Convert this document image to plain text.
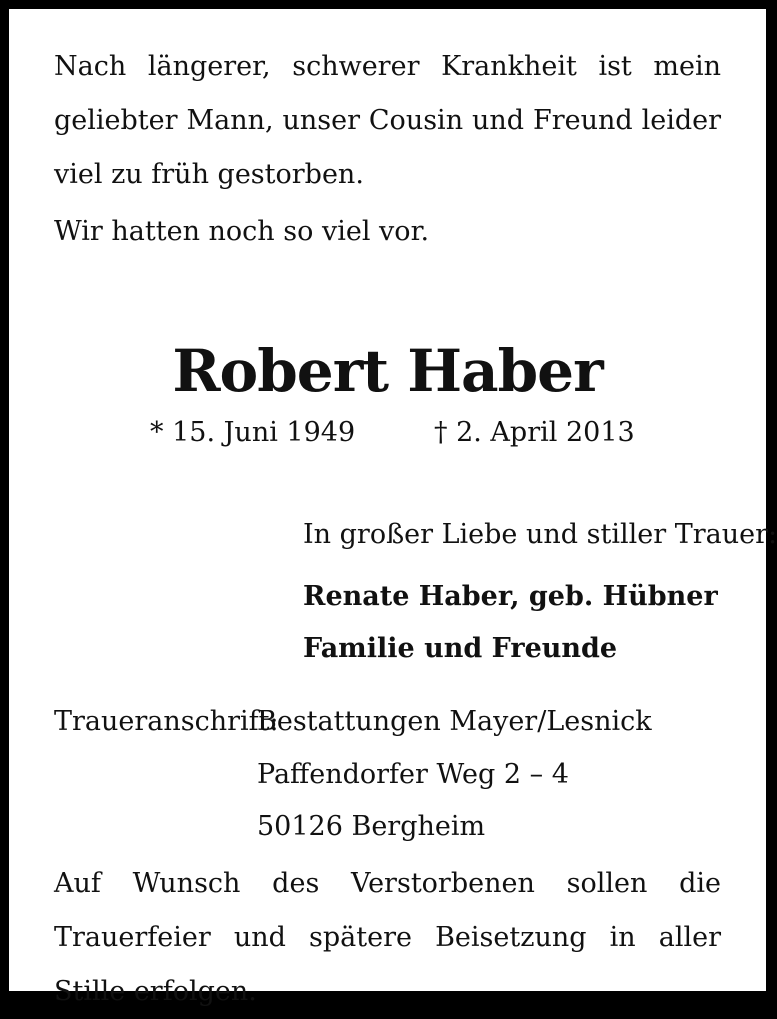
Nach längerer, schwerer Krankheit ist mein geliebter Mann, unser Cousin und Freund leider viel zu früh gestorben.

Wir hatten noch so viel vor.

Robert Haber
* 15. Juni 1949	† 2. April 2013

In großer Liebe und stiller Trauer:

Renate Haber, geb. Hübner

Familie und Freunde

Traueranschrift:
Bestattungen Mayer/Lesnick
Paffendorfer Weg 2 – 4
50126 Bergheim

Auf Wunsch des Verstorbenen sollen die Trauerfeier und spätere Beisetzung in aller Stille erfolgen.
